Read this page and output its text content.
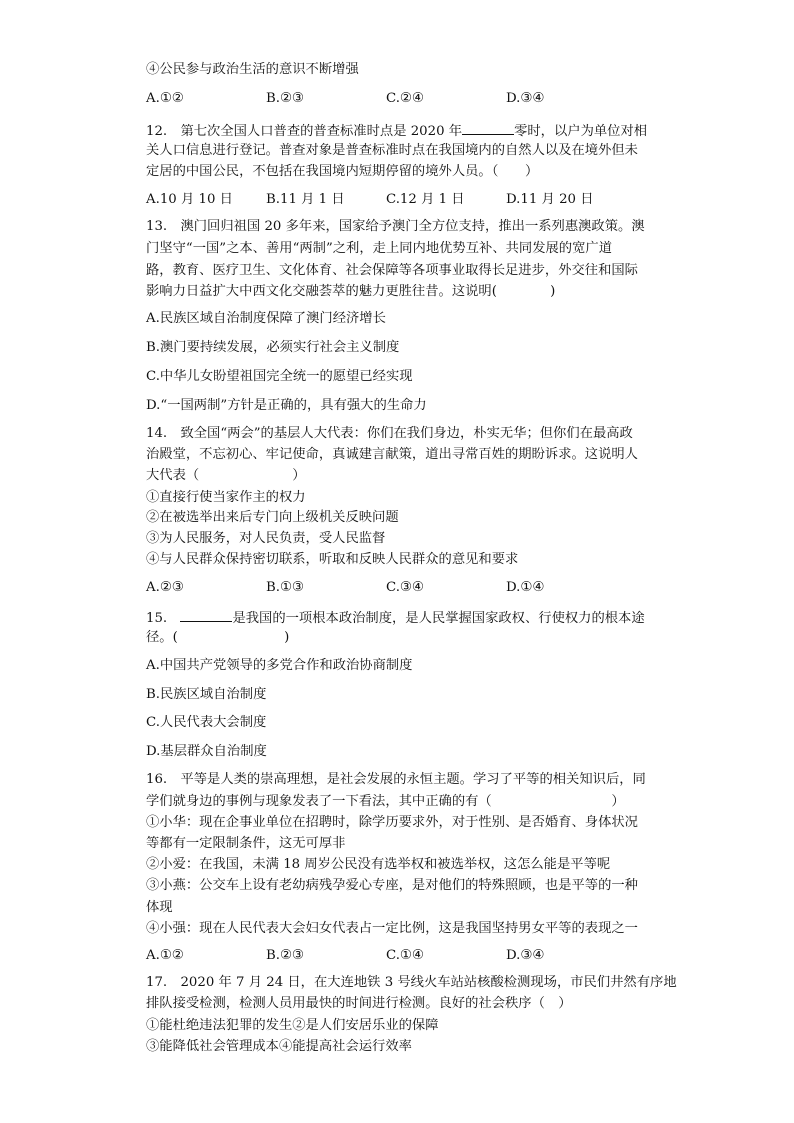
④公民参与政治生活的意识不断增强
A.①②	B.②③	C.②④	D.③④
12.　第七次全国人口普查的普查标准时点是 2020 年	零时，以户为单位对相
关人口信息进行登记。普查对象是普查标准时点在我国境内的自然人以及在境外但未
定居的中国公民，不包括在我国境内短期停留的境外人员。（　　）
A.10 月 10 日 B.11 月 1 日	C.12 月 1 日	D.11 月 20 日
13.　澳门回归祖国 20 多年来，国家给予澳门全方位支持，推出一系列惠澳政策。澳
门坚守“一国”之本、善用“两制”之利，走上同内地优势互补、共同发展的宽广道
路，教育、医疗卫生、文化体育、社会保障等各项事业取得长足进步，外交往和国际
影响力日益扩大中西文化交融荟萃的魅力更胜往昔。这说明(　　　　)
A.民族区域自治制度保障了澳门经济增长
B.澳门要持续发展，必须实行社会主义制度
C.中华儿女盼望祖国完全统一的愿望已经实现
D.“一国两制”方针是正确的，具有强大的生命力
14.　致全国“两会”的基层人大代表：你们在我们身边，朴实无华；但你们在最高政
治殿堂，不忘初心、牢记使命，真诚建言献策，道出寻常百姓的期盼诉求。这说明人
大代表（　　　　　　　）
①直接行使当家作主的权力
②在被选举出来后专门向上级机关反映问题
③为人民服务，对人民负责，受人民监督
④与人民群众保持密切联系，听取和反映人民群众的意见和要求
A.②③	B.①③	C.③④	D.①④
15.　	是我国的一项根本政治制度，是人民掌握国家政权、行使权力的根本途
径。(　　　　　　　　)
A.中国共产党领导的多党合作和政治协商制度
B.民族区域自治制度
C.人民代表大会制度
D.基层群众自治制度
16.　平等是人类的崇高理想，是社会发展的永恒主题。学习了平等的相关知识后，同
学们就身边的事例与现象发表了一下看法，其中正确的有（　　　　　　　　　）
①小华：现在企事业单位在招聘时，除学历要求外，对于性别、是否婚育、身体状况
等都有一定限制条件，这无可厚非
②小爱：在我国，未满 18 周岁公民没有选举权和被选举权，这怎么能是平等呢
③小燕：公交车上设有老幼病残孕爱心专座，是对他们的特殊照顾，也是平等的一种
体现
④小强：现在人民代表大会妇女代表占一定比例，这是我国坚持男女平等的表现之一
A.①②	B.②③	C.①④	D.③④
17.　2020 年 7 月 24 日，在大连地铁 3 号线火车站站核酸检测现场，市民们井然有序地
排队接受检测，检测人员用最快的时间进行检测。良好的社会秩序（　）
①能杜绝违法犯罪的发生②是人们安居乐业的保障
③能降低社会管理成本④能提高社会运行效率
